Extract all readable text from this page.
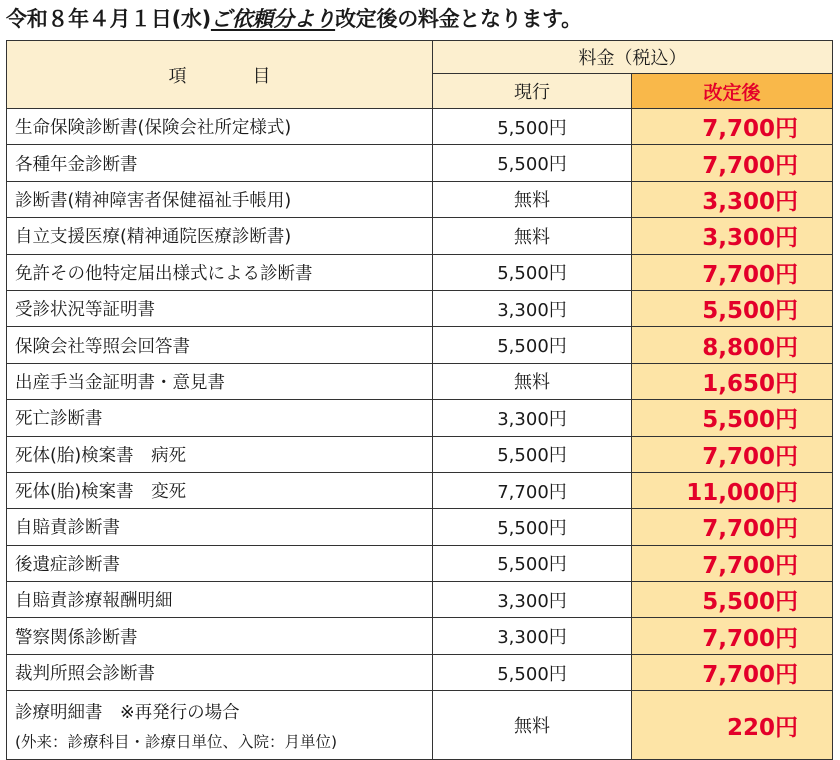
令和８年４月１日(水)ご依頼分より改定後の料金となります。
項　目	料金（税込）	
	現行	改定後
生命保険診断書(保険会社所定様式)	5,500円	7,700円
各種年金診断書	5,500円	7,700円
診断書(精神障害者保健福祉手帳用)	無料	3,300円
自立支援医療(精神通院医療診断書)	無料	3,300円
免許その他特定届出様式による診断書	5,500円	7,700円
受診状況等証明書	3,300円	5,500円
保険会社等照会回答書	5,500円	8,800円
出産手当金証明書・意見書	無料	1,650円
死亡診断書	3,300円	5,500円
死体(胎)検案書　病死	5,500円	7,700円
死体(胎)検案書　変死	7,700円	11,000円
自賠責診断書	5,500円	7,700円
後遺症診断書	5,500円	7,700円
自賠責診療報酬明細	3,300円	5,500円
警察関係診断書	3,300円	7,700円
裁判所照会診断書	5,500円	7,700円
診療明細書　※再発行の場合
(外来：診療科目・診療日単位、入院：月単位)	無料	220円
